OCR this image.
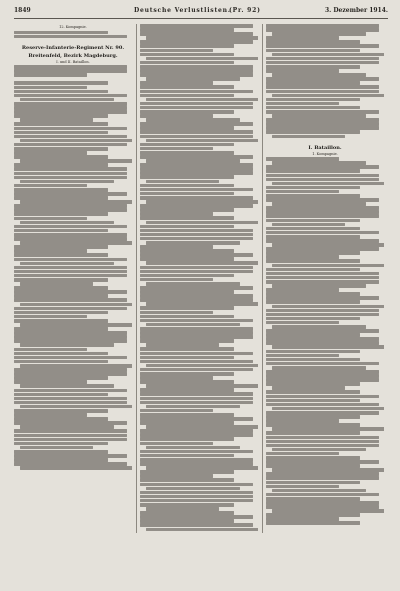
1849	Deutsche Verlustlisten.
(Pr. 92)	3. Dezember 1914.
12. Kompagnie.
Reserve-Infanterie-Regiment Nr. 90.
Breitenfeld, Bezirk Magdeburg.
I. und II. Bataillon.
I. Bataillon.
1. Kompagnie.
